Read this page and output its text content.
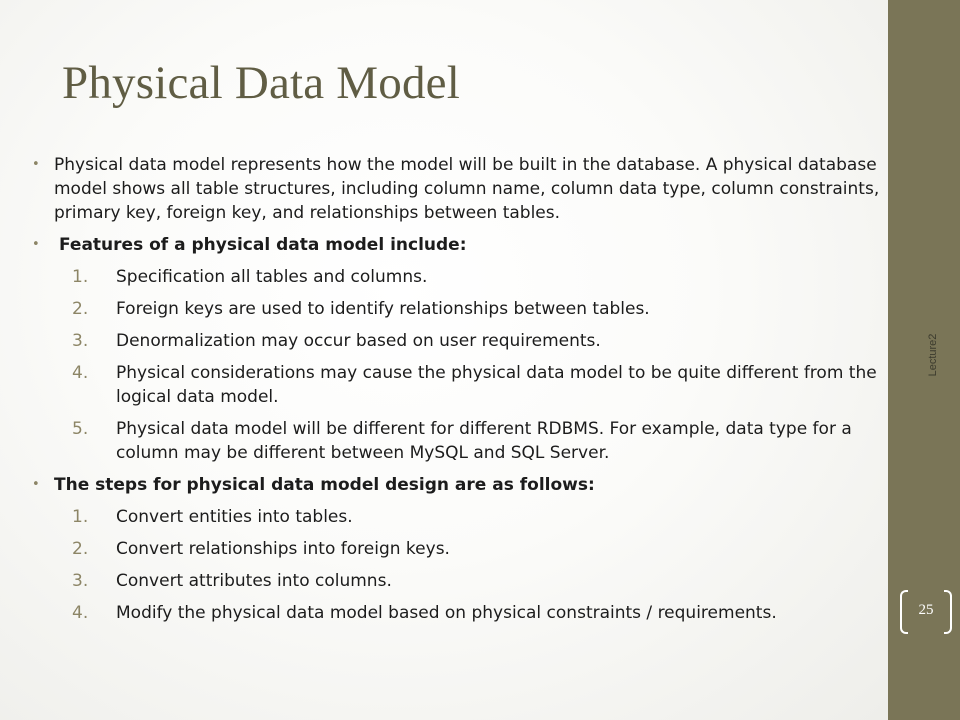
Physical Data Model
• Physical data model represents how the model will be built in the database. A physical database model shows all table structures, including column name, column data type, column constraints, primary key, foreign key, and relationships between tables.
• Features of a physical data model include:
1.	Specification all tables and columns.
2.	Foreign keys are used to identify relationships between tables.
3.	Denormalization may occur based on user requirements.
4.	Physical considerations may cause the physical data model to be quite different from the logical data model.
5.	Physical data model will be different for different RDBMS. For example, data type for a column may be different between MySQL and SQL Server.
• The steps for physical data model design are as follows:
1.	Convert entities into tables.
2.	Convert relationships into foreign keys.
3.	Convert attributes into columns.
4.	Modify the physical data model based on physical constraints / requirements.
Lecture2
25
